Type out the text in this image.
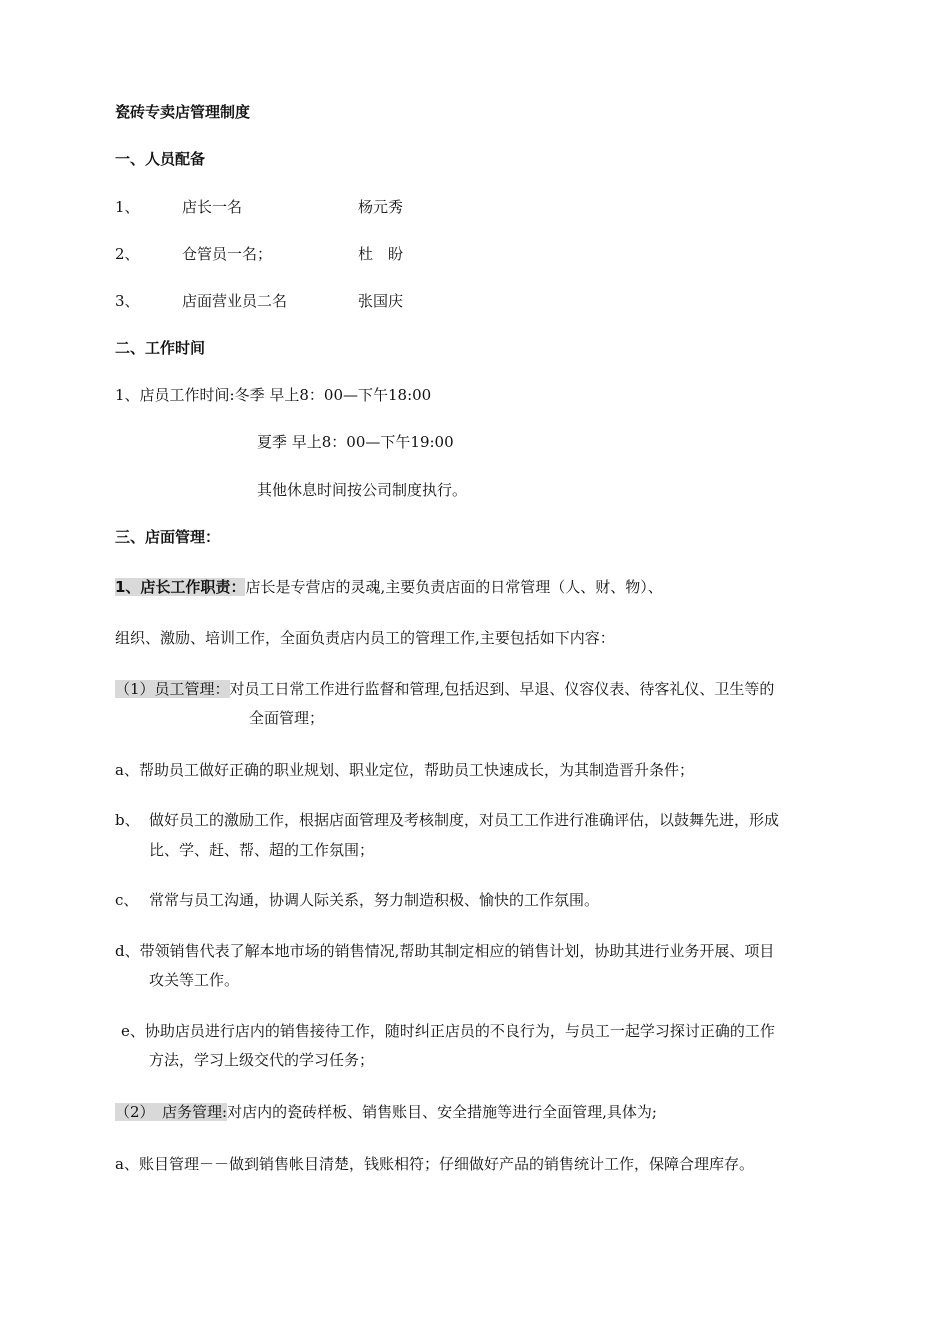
瓷砖专卖店管理制度
一、人员配备
1、	店长一名	杨元秀
2、	仓管员一名；	杜　盼
3、	店面营业员二名	张国庆
二、工作时间
1、店员工作时间:冬季 早上8：00—下午18:00
夏季 早上8：00—下午19:00
其他休息时间按公司制度执行。
三、店面管理：
1、店长工作职责：店长是专营店的灵魂,主要负责店面的日常管理（人、财、物）、
组织、激励、培训工作，全面负责店内员工的管理工作,主要包括如下内容：
（1）员工管理：对员工日常工作进行监督和管理,包括迟到、早退、仪容仪表、待客礼仪、卫生等的
全面管理；
a、帮助员工做好正确的职业规划、职业定位，帮助员工快速成长，为其制造晋升条件；
b、 做好员工的激励工作，根据店面管理及考核制度，对员工工作进行准确评估，以鼓舞先进，形成
比、学、赶、帮、超的工作氛围；
c、 常常与员工沟通，协调人际关系，努力制造积极、愉快的工作氛围。
d、带领销售代表了解本地市场的销售情况,帮助其制定相应的销售计划，协助其进行业务开展、项目
攻关等工作。
e、协助店员进行店内的销售接待工作，随时纠正店员的不良行为，与员工一起学习探讨正确的工作
方法，学习上级交代的学习任务；
（2）　店务管理:对店内的瓷砖样板、销售账目、安全措施等进行全面管理,具体为;
a、账目管理－－做到销售帐目清楚，钱账相符；仔细做好产品的销售统计工作，保障合理库存。
